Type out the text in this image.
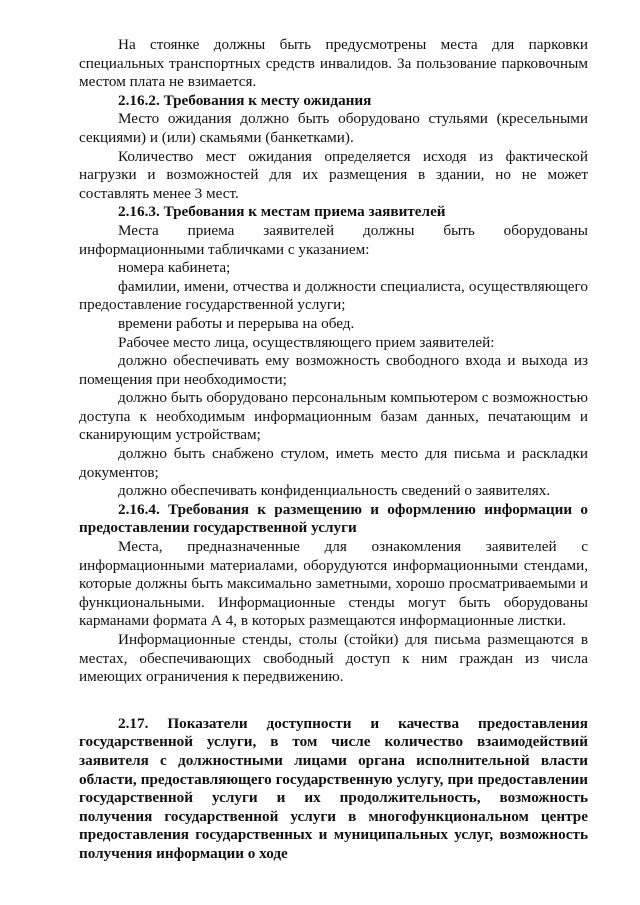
На стоянке должны быть предусмотрены места для парковки специальных транспортных средств инвалидов. За пользование парковочным местом плата не взимается.

2.16.2. Требования к месту ожидания

Место ожидания должно быть оборудовано стульями (кресельными секциями) и (или) скамьями (банкетками).

Количество мест ожидания определяется исходя из фактической нагрузки и возможностей для их размещения в здании, но не может составлять менее 3 мест.

2.16.3. Требования к местам приема заявителей

Места приема заявителей должны быть оборудованы информационными табличками с указанием:

номера кабинета;

фамилии, имени, отчества и должности специалиста, осуществляющего предоставление государственной услуги;

времени работы и перерыва на обед.

Рабочее место лица, осуществляющего прием заявителей:

должно обеспечивать ему возможность свободного входа и выхода из помещения при необходимости;

должно быть оборудовано персональным компьютером с возможностью доступа к необходимым информационным базам данных, печатающим и сканирующим устройствам;

должно быть снабжено стулом, иметь место для письма и раскладки документов;

должно обеспечивать конфиденциальность сведений о заявителях.

2.16.4. Требования к размещению и оформлению информации о предоставлении государственной услуги

Места, предназначенные для ознакомления заявителей с информационными материалами, оборудуются информационными стендами, которые должны быть максимально заметными, хорошо просматриваемыми и функциональными. Информационные стенды могут быть оборудованы карманами формата А 4, в которых размещаются информационные листки.

Информационные стенды, столы (стойки) для письма размещаются в местах, обеспечивающих свободный доступ к ним граждан из числа имеющих ограничения к передвижению.

2.17. Показатели доступности и качества предоставления государственной услуги, в том числе количество взаимодействий заявителя с должностными лицами органа исполнительной власти области, предоставляющего государственную услугу, при предоставлении государственной услуги и их продолжительность, возможность получения государственной услуги в многофункциональном центре предоставления государственных и муниципальных услуг, возможность получения информации о ходе
